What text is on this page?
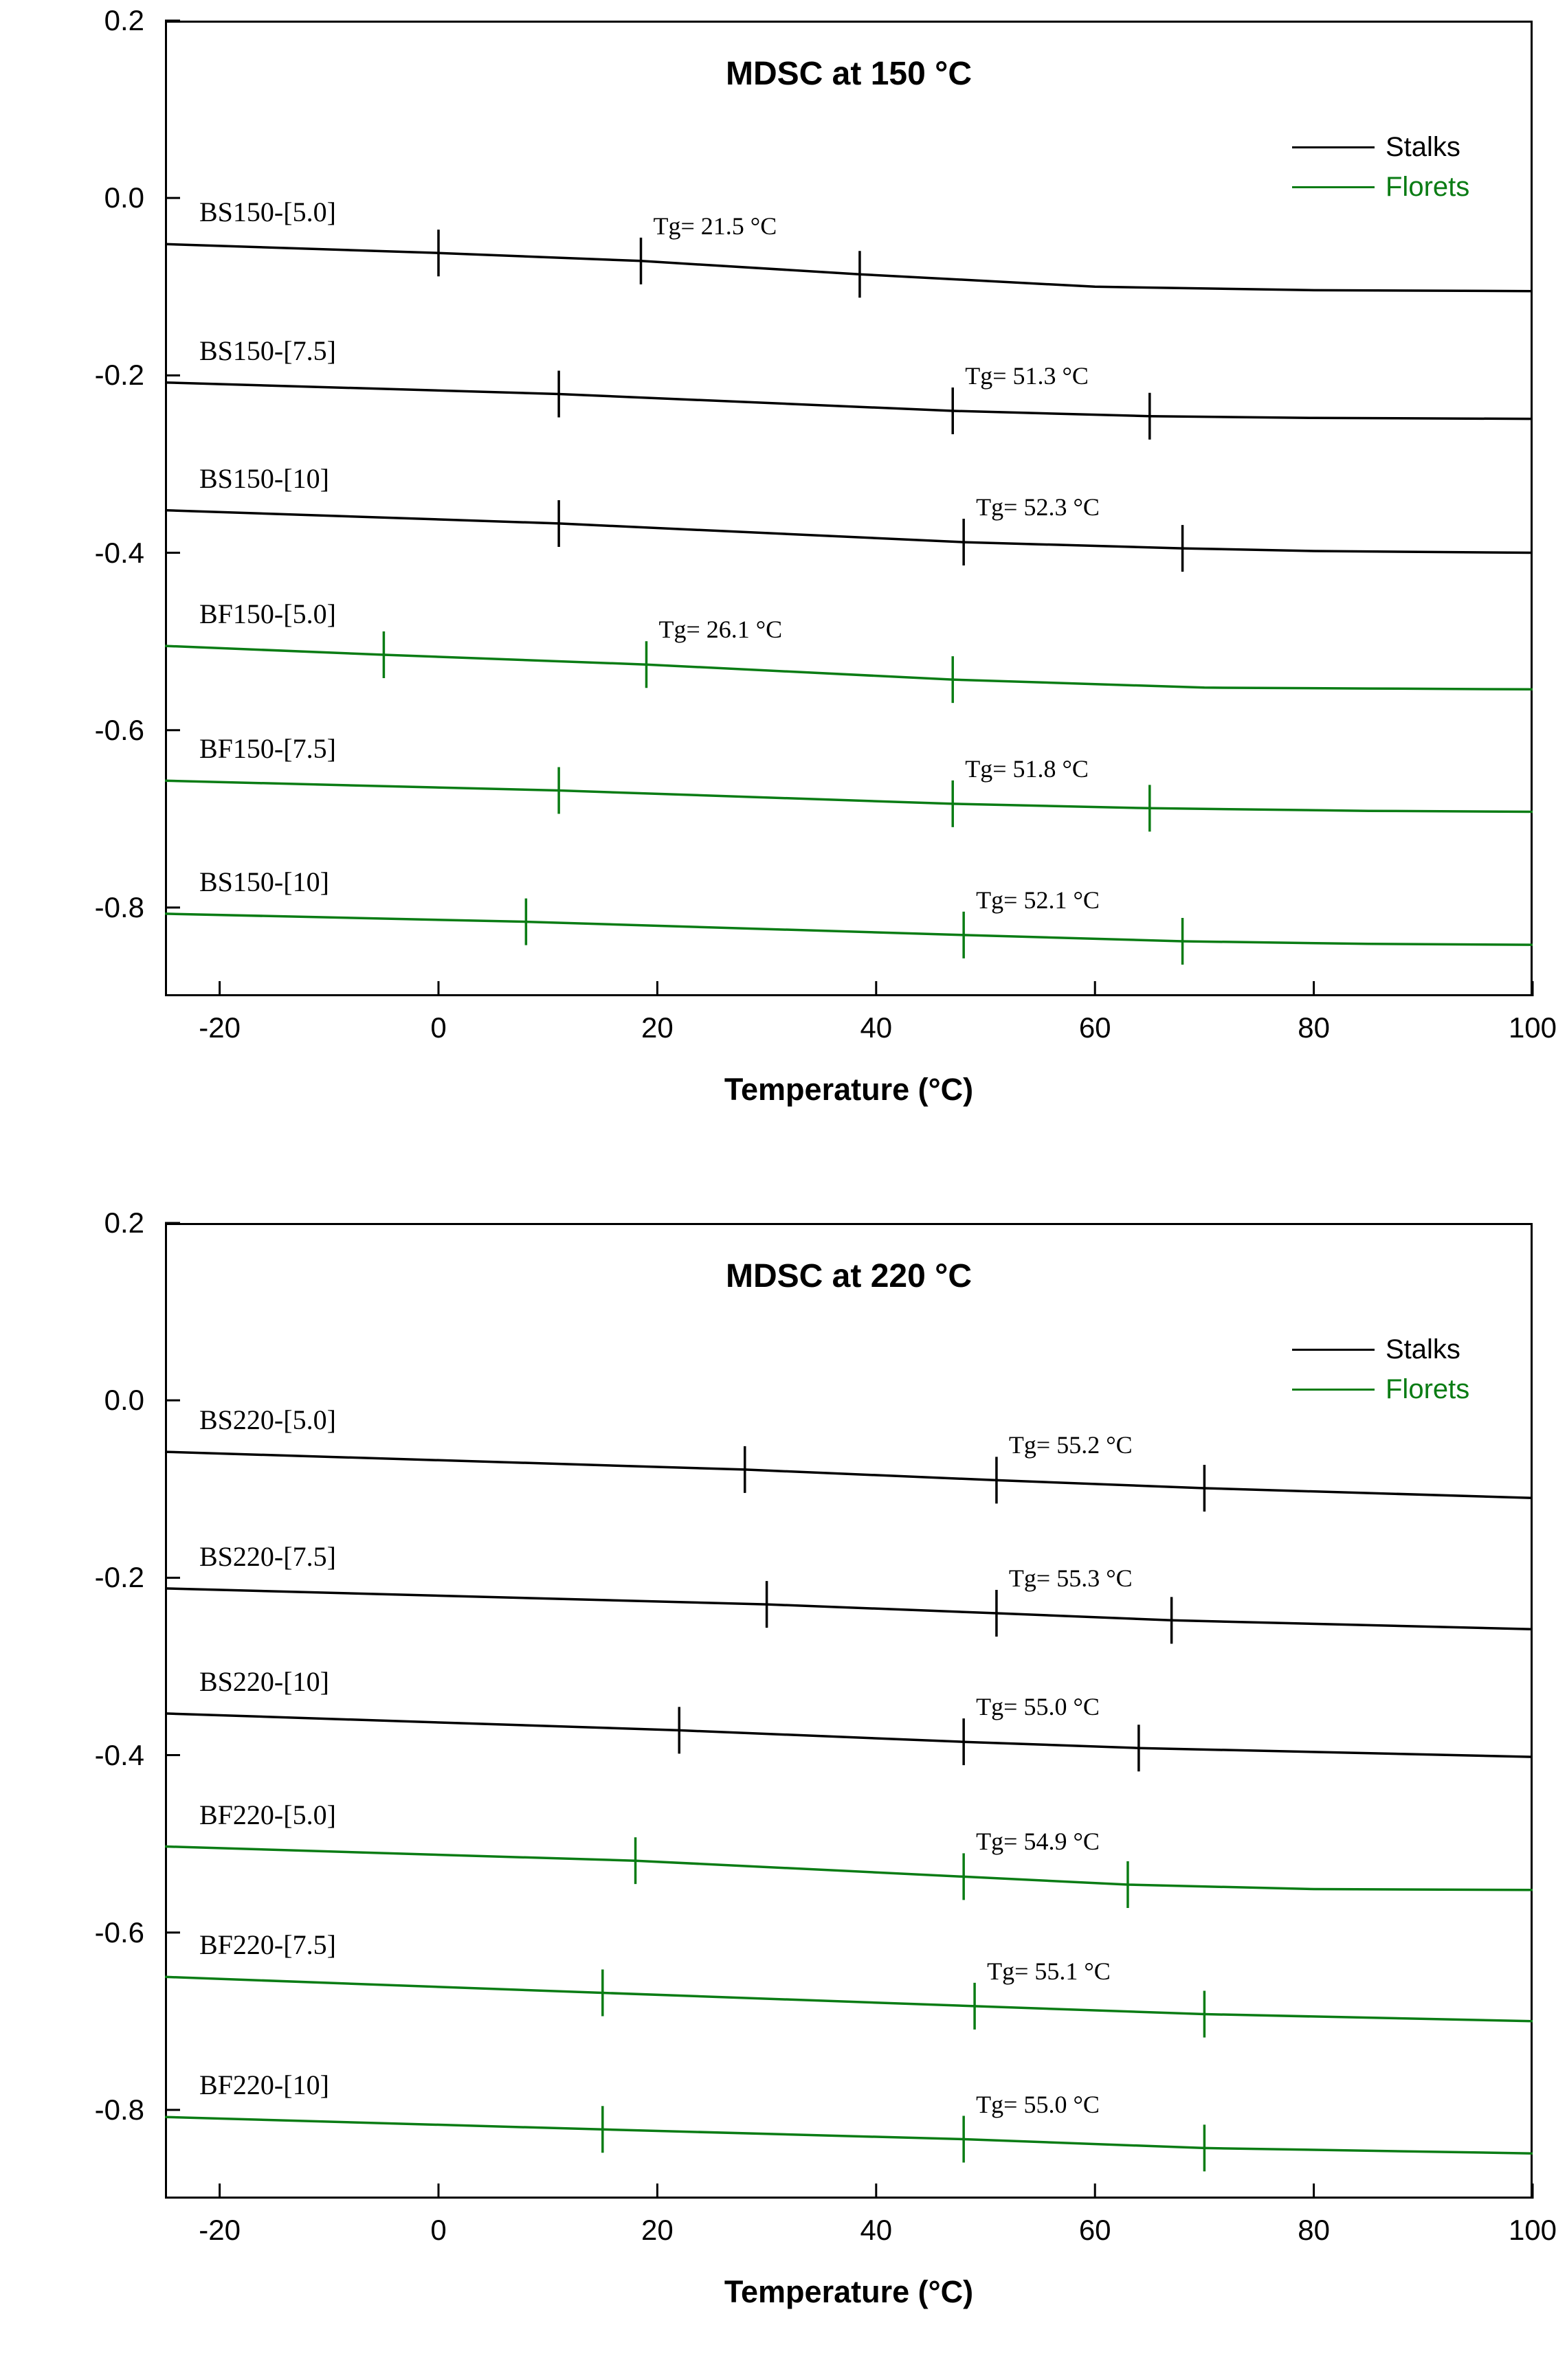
Temperature (°C)
MDSC at 150 °C
Stalks
Florets
0.2
0.0
-0.2
-0.4
-0.6
-0.8
-20	0	20	40	60	80	100
BS150-[5.0]	Tg= 21.5 °C
BS150-[7.5]
Tg= 51.3 °C
BS150-[10]
Tg= 52.3 °C
BF150-[5.0]
Tg= 26.1 °C
BF150-[7.5]
Tg= 51.8 °C
BS150-[10]
Tg= 52.1 °C
Temperature (°C)
MDSC at 220 °C
Stalks
Florets
0.2
0.0
-0.2
-0.4
-0.6
-0.8
-20	0	20	40	60	80	100
BS220-[5.0]
Tg= 55.2 °C
BS220-[7.5]
Tg= 55.3 °C
BS220-[10]
Tg= 55.0 °C
BF220-[5.0]
Tg= 54.9 °C
BF220-[7.5]
Tg= 55.1 °C
BF220-[10]
Tg= 55.0 °C
